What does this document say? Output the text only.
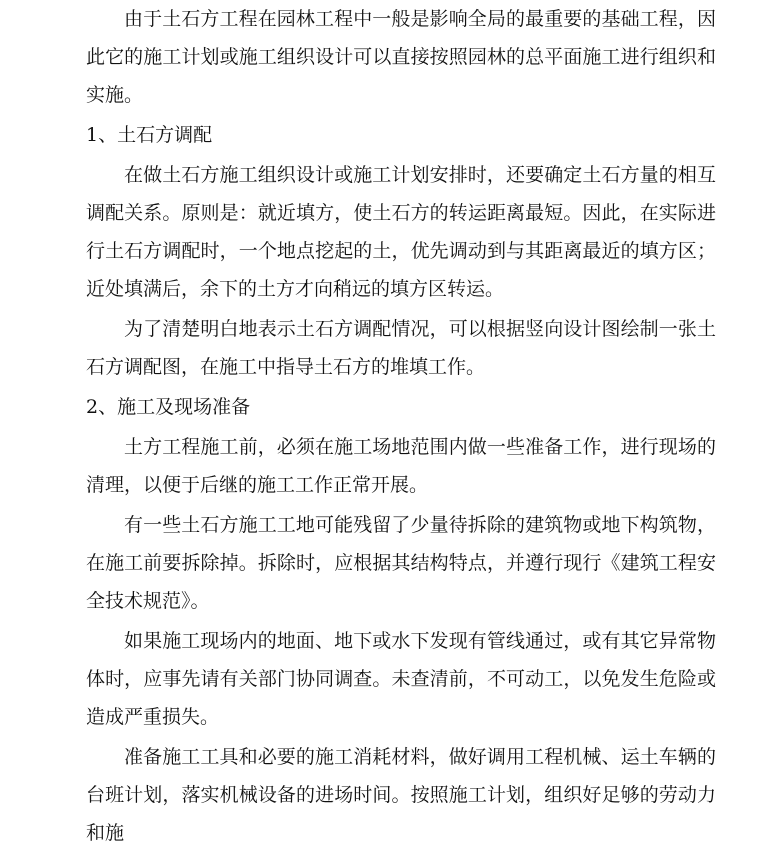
由于土石方工程在园林工程中一般是影响全局的最重要的基础工程，因此它的施工计划或施工组织设计可以直接按照园林的总平面施工进行组织和实施。

1、土石方调配

在做土石方施工组织设计或施工计划安排时，还要确定土石方量的相互调配关系。原则是：就近填方，使土石方的转运距离最短。因此，在实际进行土石方调配时，一个地点挖起的土，优先调动到与其距离最近的填方区；近处填满后，余下的土方才向稍远的填方区转运。

为了清楚明白地表示土石方调配情况，可以根据竖向设计图绘制一张土石方调配图，在施工中指导土石方的堆填工作。

2、施工及现场准备

土方工程施工前，必须在施工场地范围内做一些准备工作，进行现场的清理，以便于后继的施工工作正常开展。

有一些土石方施工工地可能残留了少量待拆除的建筑物或地下构筑物，在施工前要拆除掉。拆除时，应根据其结构特点，并遵行现行《建筑工程安全技术规范》。

如果施工现场内的地面、地下或水下发现有管线通过，或有其它异常物体时，应事先请有关部门协同调查。未查清前，不可动工，以免发生危险或造成严重损失。

准备施工工具和必要的施工消耗材料，做好调用工程机械、运土车辆的台班计划，落实机械设备的进场时间。按照施工计划，组织好足够的劳动力和施
